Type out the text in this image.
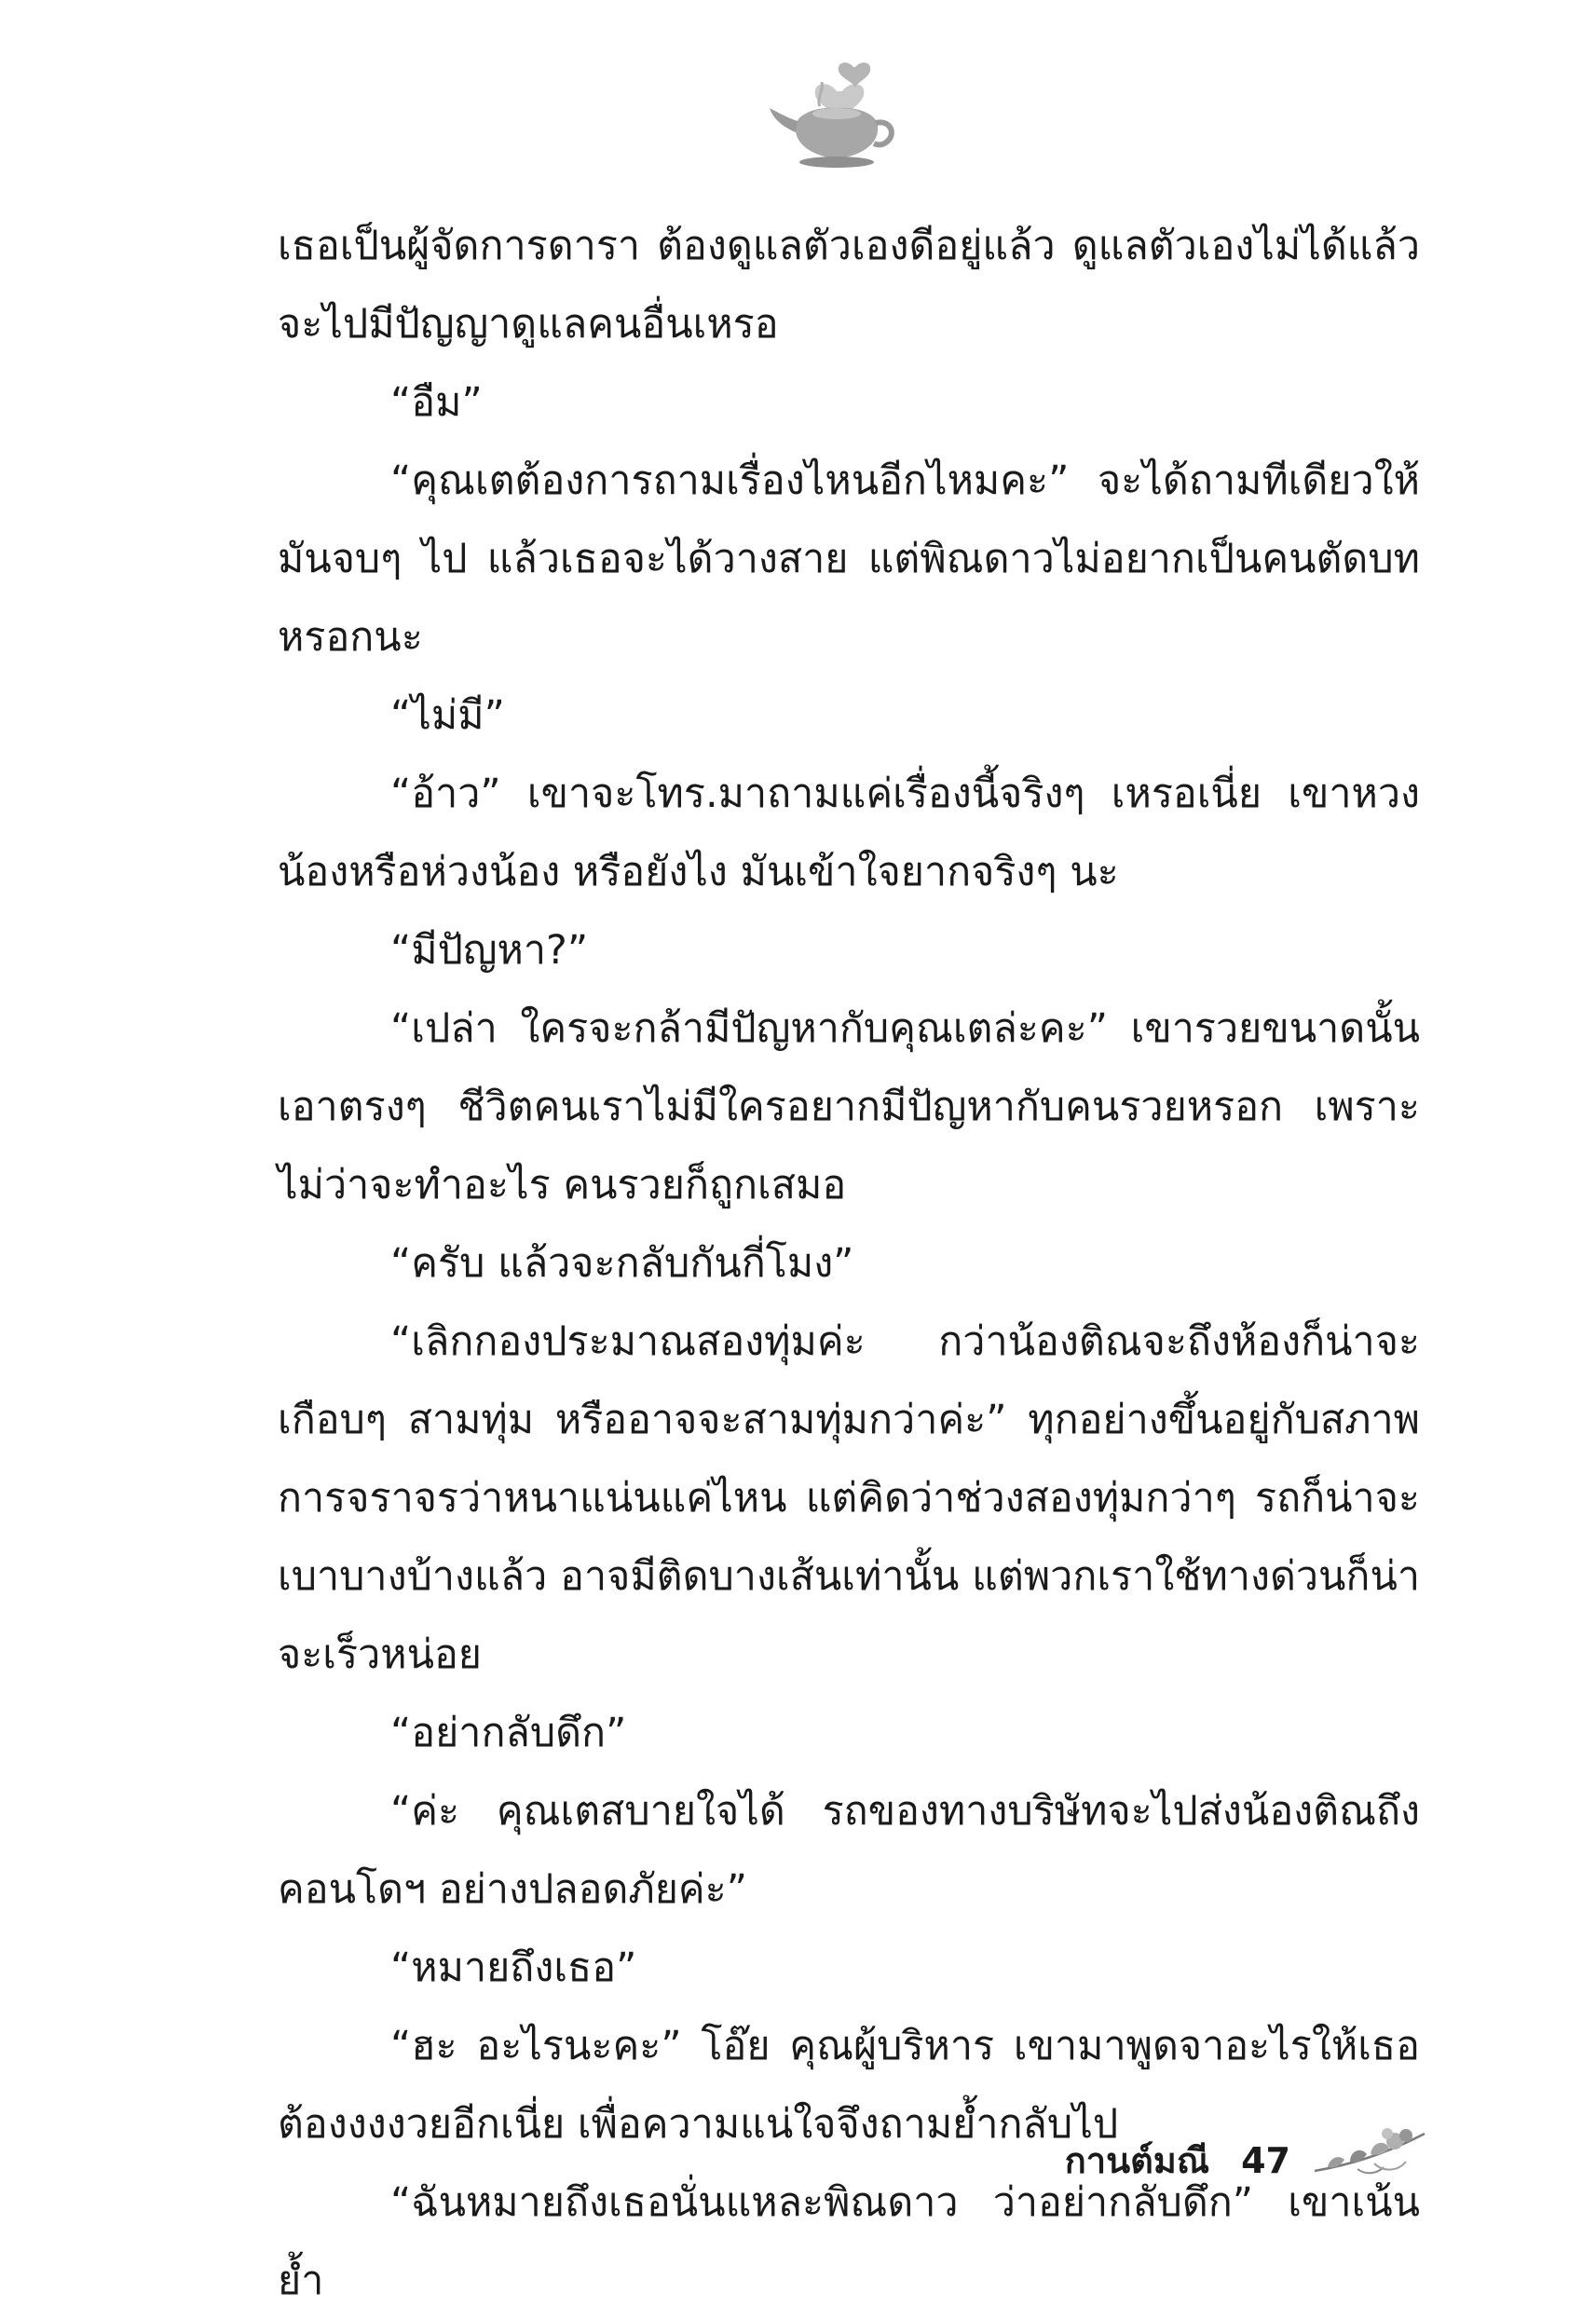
เธอเป็นผู้จัดการดารา ต้องดูแลตัวเองดีอยู่แล้ว ดูแลตัวเองไม่ได้แล้วจะไปมีปัญญาดูแลคนอื่นเหรอ

“อืม”

“คุณเตต้องการถามเรื่องไหนอีกไหมคะ” จะได้ถามทีเดียวให้มันจบๆ ไป แล้วเธอจะได้วางสาย แต่พิณดาวไม่อยากเป็นคนตัดบทหรอกนะ

“ไม่มี”

“อ้าว” เขาจะโทร.มาถามแค่เรื่องนี้จริงๆ เหรอเนี่ย เขาหวงน้องหรือห่วงน้อง หรือยังไง มันเข้าใจยากจริงๆ นะ

“มีปัญหา?”

“เปล่า ใครจะกล้ามีปัญหากับคุณเตล่ะคะ” เขารวยขนาดนั้นเอาตรงๆ ชีวิตคนเราไม่มีใครอยากมีปัญหากับคนรวยหรอก เพราะไม่ว่าจะทำอะไร คนรวยก็ถูกเสมอ

“ครับ แล้วจะกลับกันกี่โมง”

“เลิกกองประมาณสองทุ่มค่ะ กว่าน้องติณจะถึงห้องก็น่าจะเกือบๆ สามทุ่ม หรืออาจจะสามทุ่มกว่าค่ะ” ทุกอย่างขึ้นอยู่กับสภาพการจราจรว่าหนาแน่นแค่ไหน แต่คิดว่าช่วงสองทุ่มกว่าๆ รถก็น่าจะเบาบางบ้างแล้ว อาจมีติดบางเส้นเท่านั้น แต่พวกเราใช้ทางด่วนก็น่าจะเร็วหน่อย

“อย่ากลับดึก”

“ค่ะ คุณเตสบายใจได้ รถของทางบริษัทจะไปส่งน้องติณถึงคอนโดฯ อย่างปลอดภัยค่ะ”

“หมายถึงเธอ”

“ฮะ อะไรนะคะ” โอ๊ย คุณผู้บริหาร เขามาพูดจาอะไรให้เธอต้องงงงวยอีกเนี่ย เพื่อความแน่ใจจึงถามย้ำกลับไป

“ฉันหมายถึงเธอนั่นแหละพิณดาว ว่าอย่ากลับดึก” เขาเน้นย้ำ

กานต์มณี 47
